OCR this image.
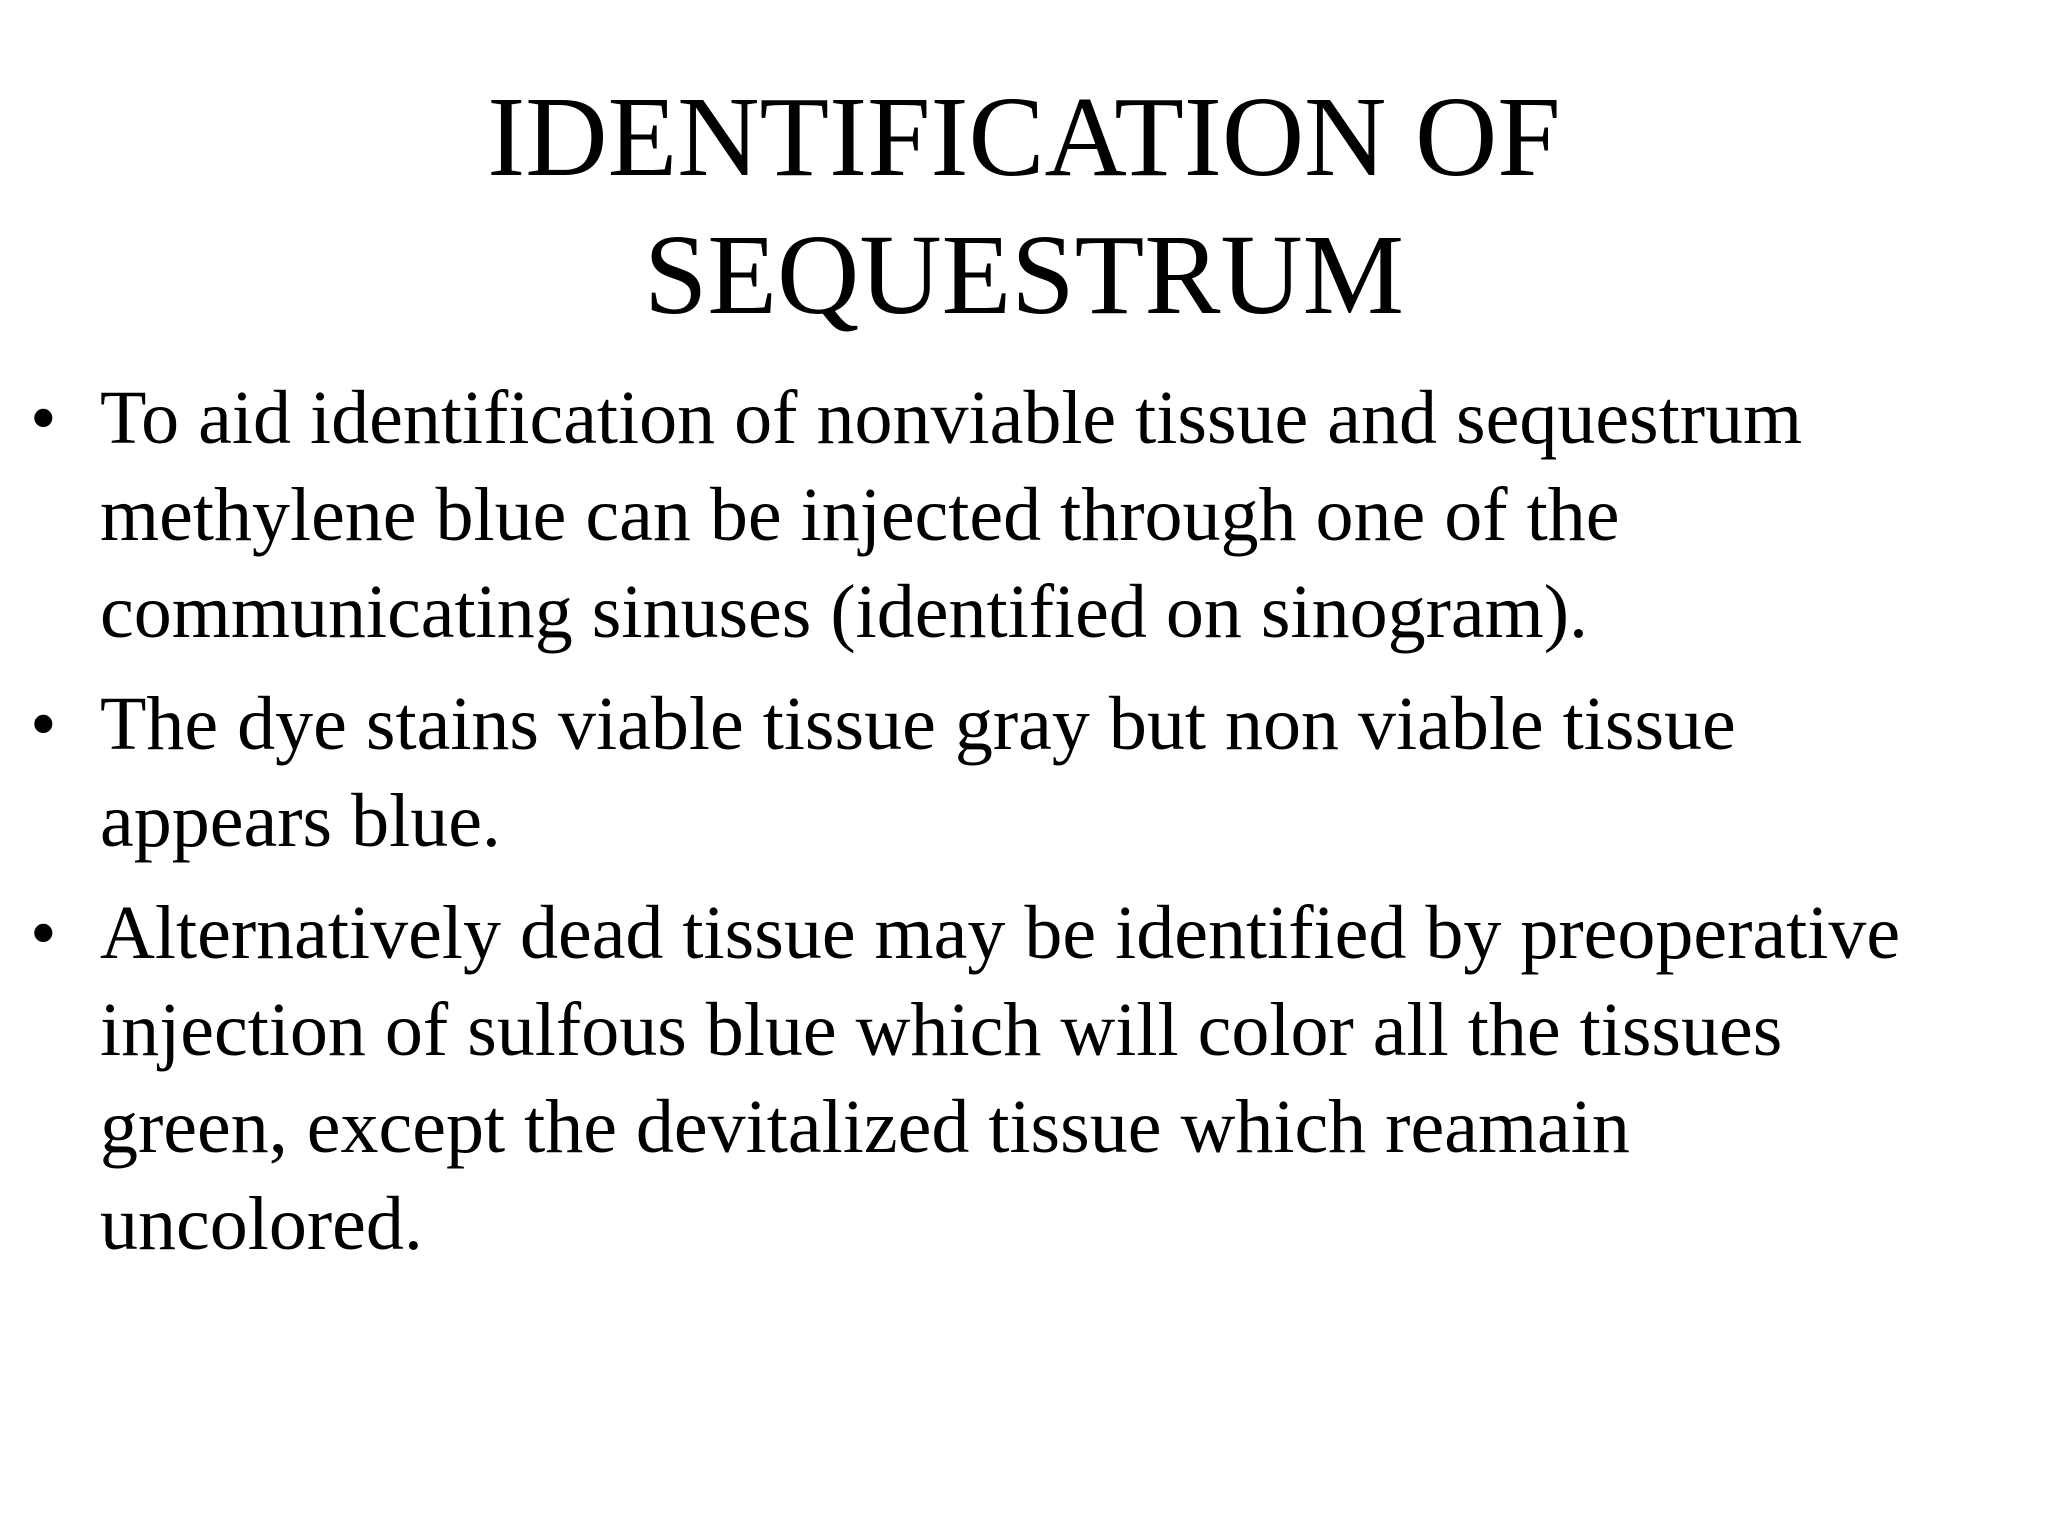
IDENTIFICATION OF
SEQUESTRUM
• To aid identification of nonviable tissue and sequestrum
methylene blue can be injected through one of the
communicating sinuses (identified on sinogram).
• The dye stains viable tissue gray but non viable tissue
appears blue.
• Alternatively dead tissue may be identified by preoperative
injection of sulfous blue which will color all the tissues
green, except the devitalized tissue which reamain
uncolored.
